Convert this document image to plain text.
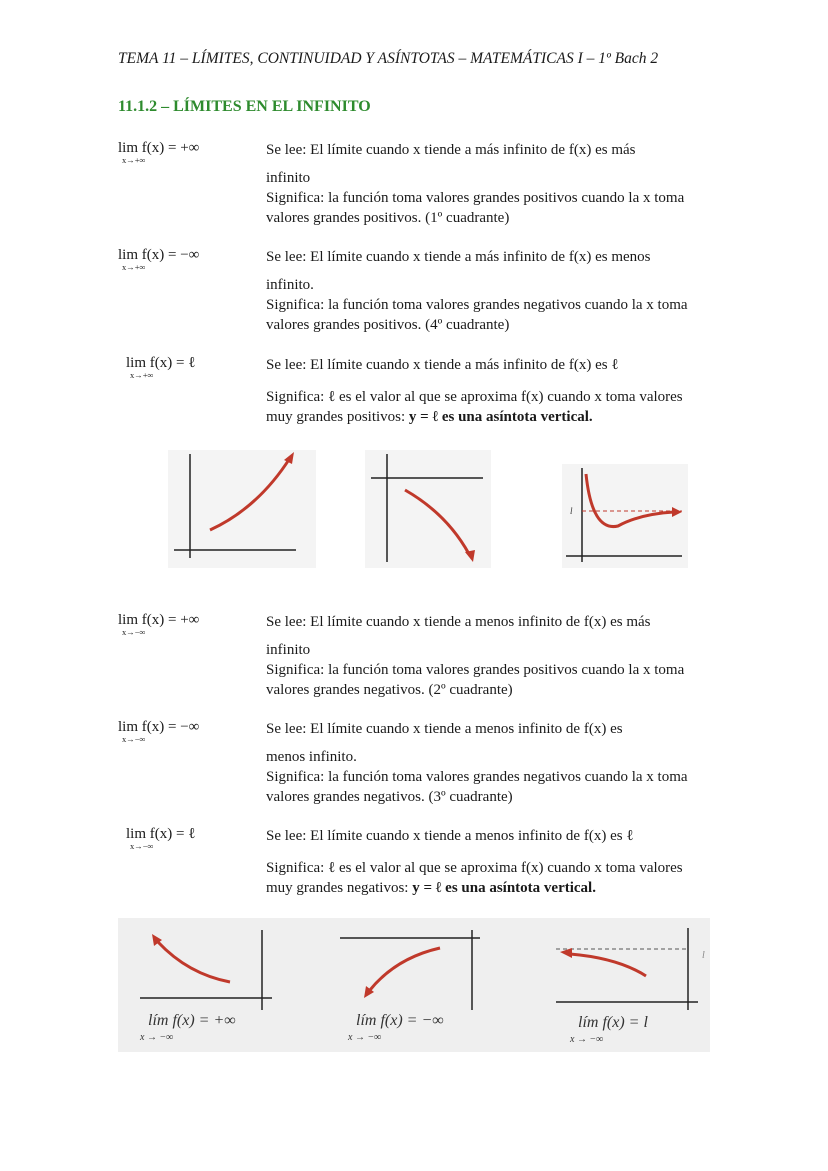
TEMA 11 – LÍMITES, CONTINUIDAD Y ASÍNTOTAS – MATEMÁTICAS I – 1º Bach 2
11.1.2 – LÍMITES EN EL INFINITO
lim f(x) = +∞
x→+∞
Se lee: El límite cuando x tiende a más infinito de f(x) es más
infinito
Significa: la función toma valores grandes positivos cuando la x toma valores grandes positivos. (1º cuadrante)
lim f(x) = −∞
x→+∞
Se lee: El límite cuando x tiende a más infinito de f(x) es menos
infinito.
Significa: la función toma valores grandes negativos cuando la x toma valores grandes positivos. (4º cuadrante)
lim f(x) = ℓ
x→+∞
Se lee: El límite cuando x tiende a más infinito de f(x) es ℓ
Significa: ℓ es el valor al que se aproxima f(x) cuando x toma valores muy grandes positivos: y = ℓ es una asíntota vertical.
l
lim f(x) = +∞
x→−∞
Se lee: El límite cuando x tiende a menos infinito de f(x) es más
infinito
Significa: la función toma valores grandes positivos cuando la x toma valores grandes negativos. (2º cuadrante)
lim f(x) = −∞
x→−∞
Se lee: El límite cuando x tiende a menos infinito de f(x) es
menos infinito.
Significa: la función toma valores grandes negativos cuando la x toma valores grandes negativos. (3º cuadrante)
lim f(x) = ℓ
x→−∞
Se lee: El límite cuando x tiende a menos infinito de f(x) es ℓ
Significa: ℓ es el valor al que se aproxima f(x) cuando x toma valores muy grandes negativos: y = ℓ es una asíntota vertical.
l
lím f(x) = +∞
x → −∞
lím f(x) = −∞
x → −∞
lím f(x) = l
x → −∞
